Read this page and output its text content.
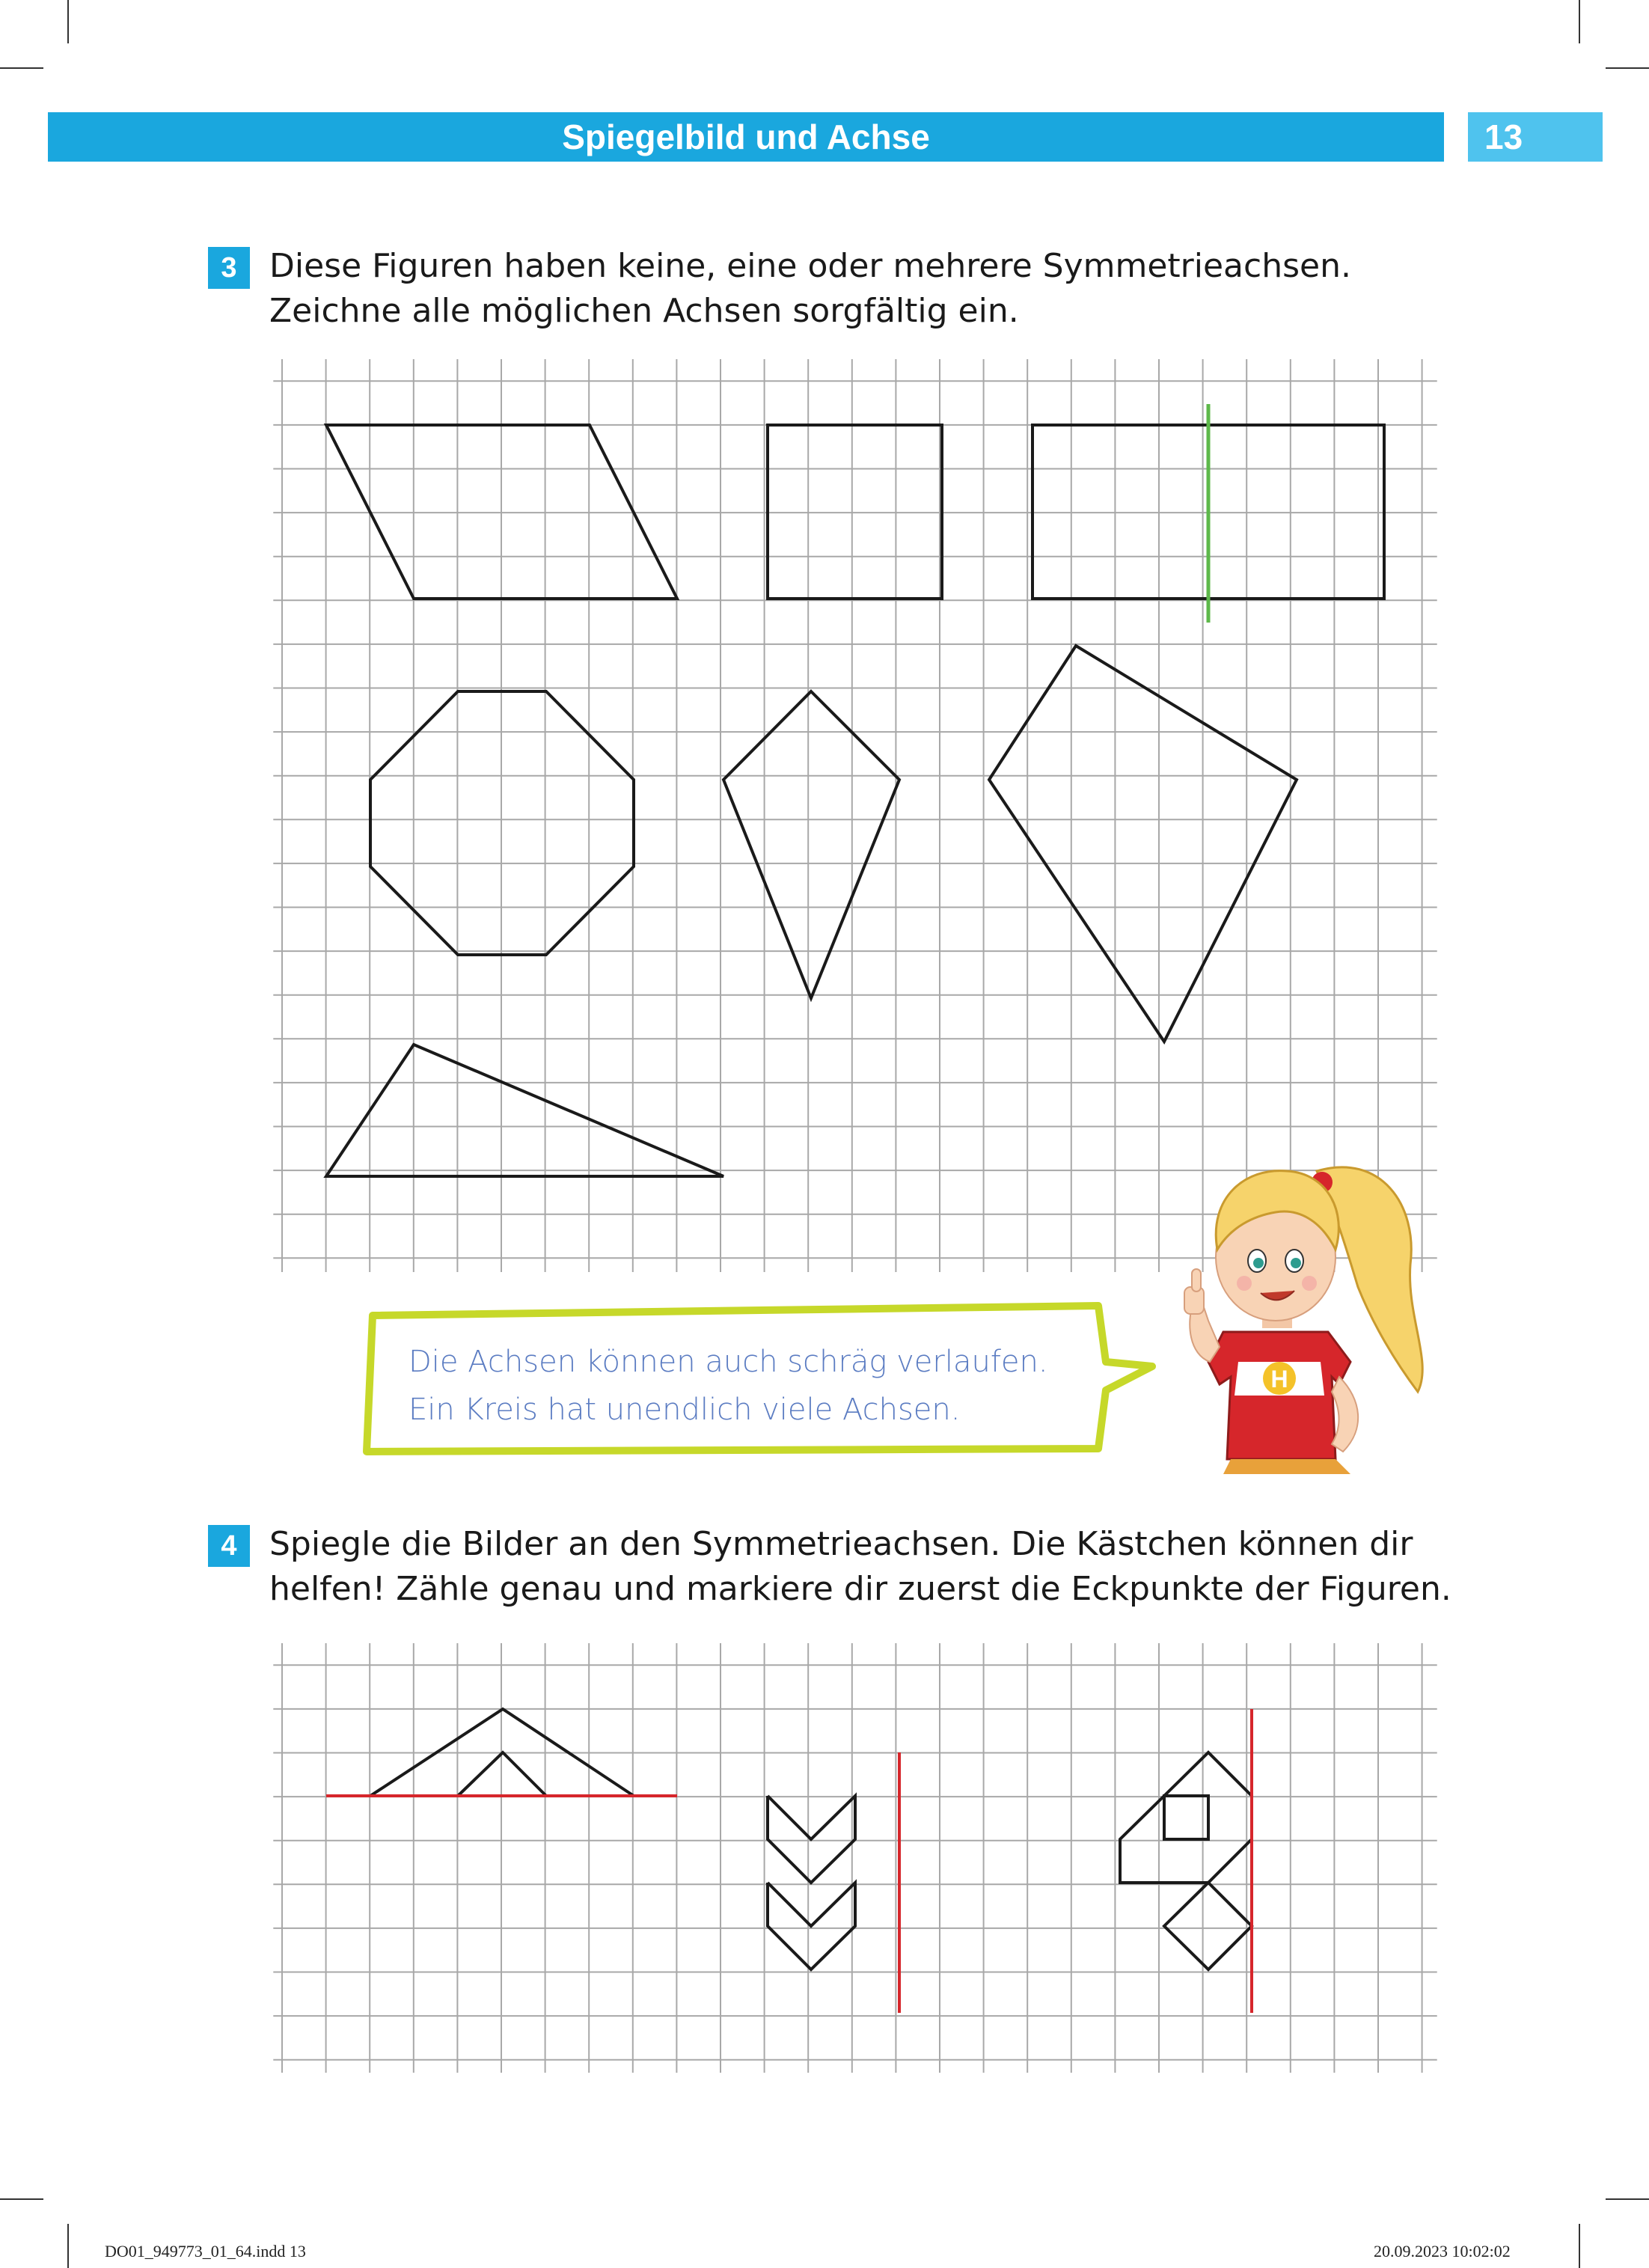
Spiegelbild und Achse	13
3 Diese Figuren haben keine, eine oder mehrere Symmetrieachsen.
Zeichne alle möglichen Achsen sorgfältig ein.
Die Achsen können auch schräg verlaufen.
Ein Kreis hat unendlich viele Achsen.
H
4 Spiegle die Bilder an den Symmetrieachsen. Die Kästchen können dir
helfen! Zähle genau und markiere dir zuerst die Eckpunkte der Figuren.
DO01_949773_01_64.indd 13	20.09.2023 10:02:02
